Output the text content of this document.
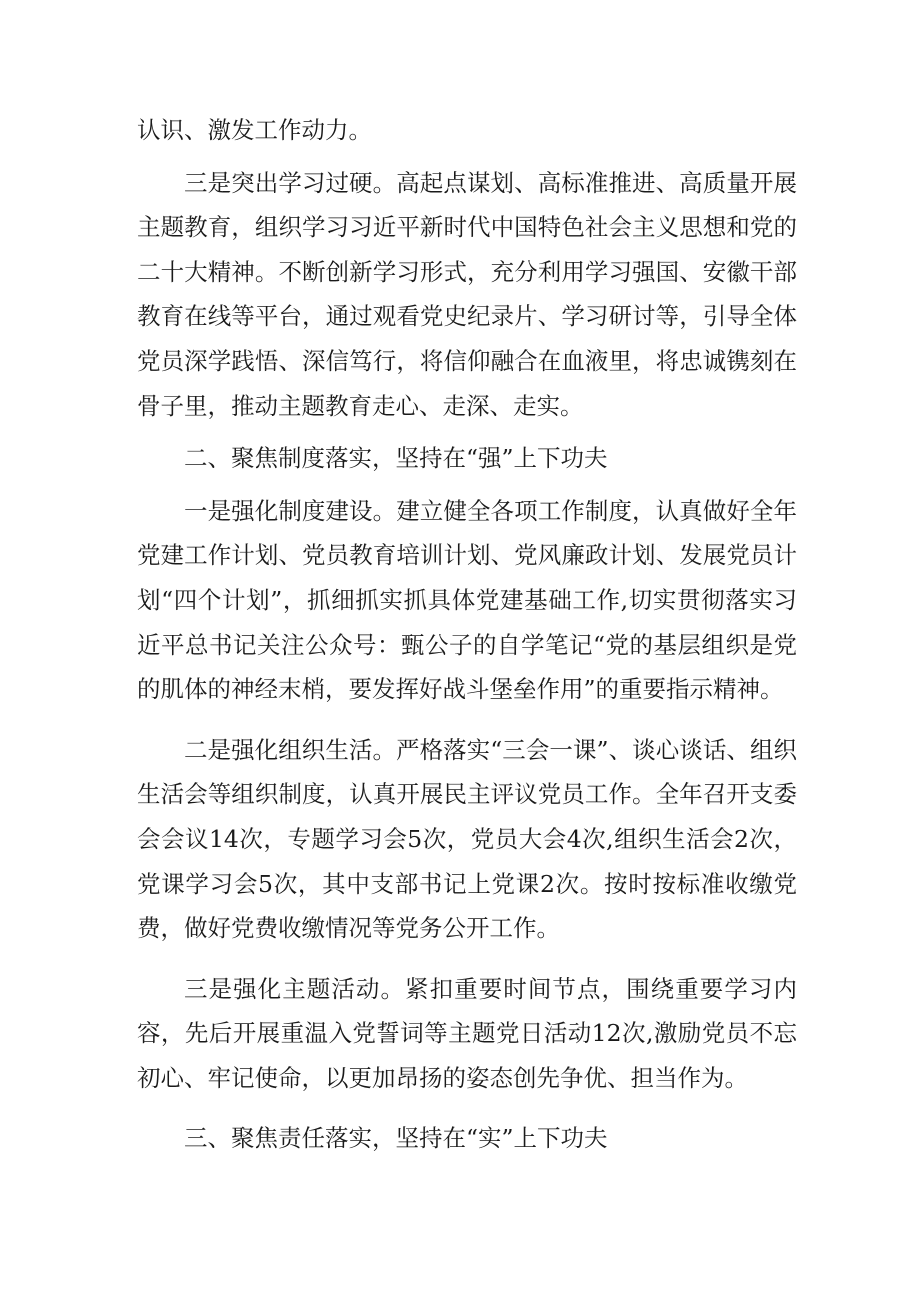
认识、激发工作动力。

三是突出学习过硬。高起点谋划、高标准推进、高质量开展主题教育，组织学习习近平新时代中国特色社会主义思想和党的二十大精神。不断创新学习形式，充分利用学习强国、安徽干部教育在线等平台，通过观看党史纪录片、学习研讨等，引导全体党员深学践悟、深信笃行，将信仰融合在血液里，将忠诚镌刻在骨子里，推动主题教育走心、走深、走实。

二、聚焦制度落实，坚持在“强”上下功夫

一是强化制度建设。建立健全各项工作制度，认真做好全年党建工作计划、党员教育培训计划、党风廉政计划、发展党员计划“四个计划”，抓细抓实抓具体党建基础工作,切实贯彻落实习近平总书记关注公众号：甄公子的自学笔记“党的基层组织是党的肌体的神经末梢，要发挥好战斗堡垒作用”的重要指示精神。

二是强化组织生活。严格落实“三会一课”、谈心谈话、组织生活会等组织制度，认真开展民主评议党员工作。全年召开支委会会议14次，专题学习会5次，党员大会4次,组织生活会2次，党课学习会5次，其中支部书记上党课2次。按时按标准收缴党费，做好党费收缴情况等党务公开工作。

三是强化主题活动。紧扣重要时间节点，围绕重要学习内容，先后开展重温入党誓词等主题党日活动12次,激励党员不忘初心、牢记使命，以更加昂扬的姿态创先争优、担当作为。

三、聚焦责任落实，坚持在“实”上下功夫
